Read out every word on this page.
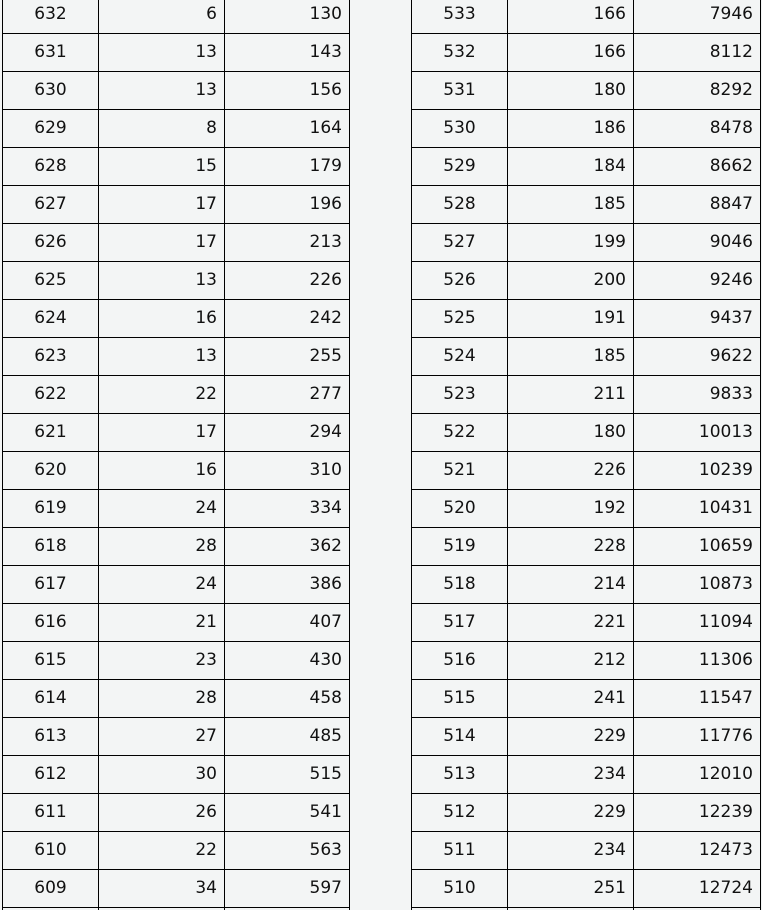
632	6	130
631	13	143
630	13	156
629	8	164
628	15	179
627	17	196
626	17	213
625	13	226
624	16	242
623	13	255
622	22	277
621	17	294
620	16	310
619	24	334
618	28	362
617	24	386
616	21	407
615	23	430
614	28	458
613	27	485
612	30	515
611	26	541
610	22	563
609	34	597

533	166	7946
532	166	8112
531	180	8292
530	186	8478
529	184	8662
528	185	8847
527	199	9046
526	200	9246
525	191	9437
524	185	9622
523	211	9833
522	180	10013
521	226	10239
520	192	10431
519	228	10659
518	214	10873
517	221	11094
516	212	11306
515	241	11547
514	229	11776
513	234	12010
512	229	12239
511	234	12473
510	251	12724
